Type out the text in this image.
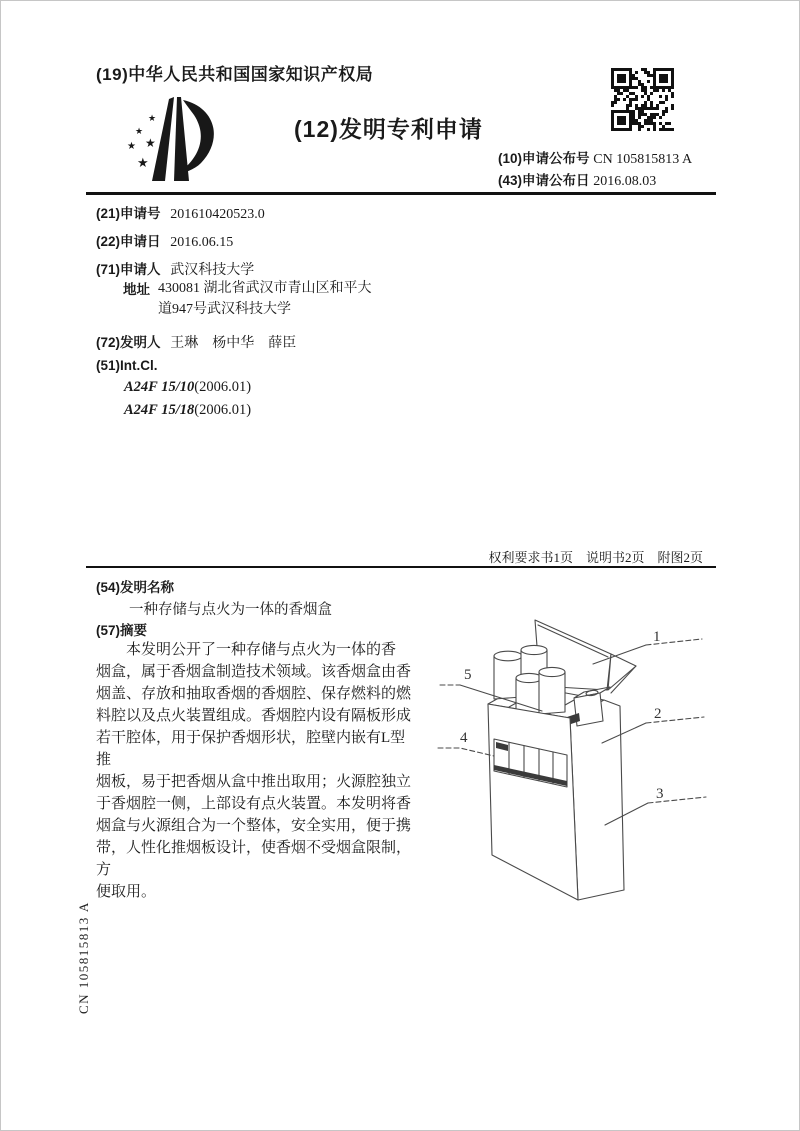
CN 105815813 A
(19)中华人民共和国国家知识产权局
★
★
★ ★
★
(12)发明专利申请
(10)申请公布号 CN 105815813 A
(43)申请公布日 2016.08.03
(21)申请号 201610420523.0
(22)申请日 2016.06.15
(71)申请人 武汉科技大学
地址 430081 湖北省武汉市青山区和平大
道947号武汉科技大学
(72)发明人 王琳　杨中华　薛臣
(51)Int.Cl.
A24F 15/10(2006.01)
A24F 15/18(2006.01)
权利要求书1页　说明书2页　附图2页
(54)发明名称
一种存储与点火为一体的香烟盒
(57)摘要
本发明公开了一种存储与点火为一体的香
烟盒，属于香烟盒制造技术领域。该香烟盒由香
烟盖、存放和抽取香烟的香烟腔、保存燃料的燃
料腔以及点火装置组成。香烟腔内设有隔板形成
若干腔体，用于保护香烟形状，腔壁内嵌有L型推
烟板，易于把香烟从盒中推出取用；火源腔独立
于香烟腔一侧，上部设有点火装置。本发明将香
烟盒与火源组合为一个整体，安全实用，便于携
带，人性化推烟板设计，使香烟不受烟盒限制，方
便取用。
1
5
2
4
3
